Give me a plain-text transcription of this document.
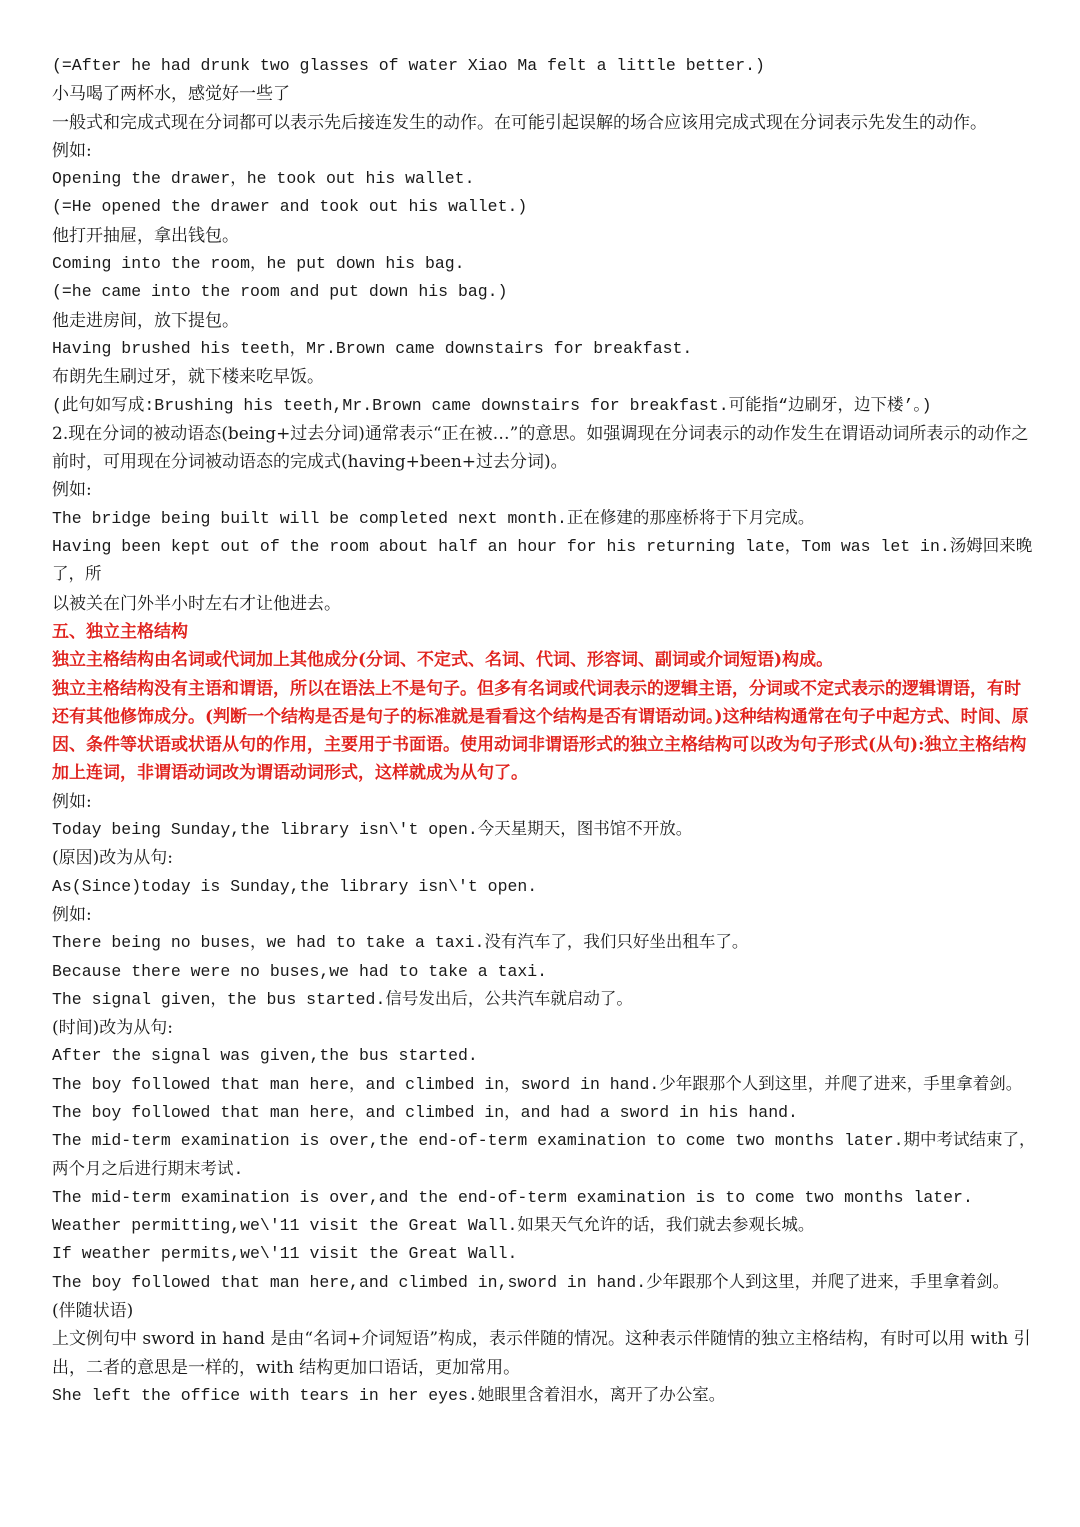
(=After he had drunk two glasses of water Xiao Ma felt a little better.)

小马喝了两杯水，感觉好一些了

一般式和完成式现在分词都可以表示先后接连发生的动作。在可能引起误解的场合应该用完成式现在分词表示先发生的动作。

例如:

Opening the drawer，he took out his wallet.

(=He opened the drawer and took out his wallet.)

他打开抽屉，拿出钱包。

Coming into the room，he put down his bag.

(=he came into the room and put down his bag.)

他走进房间，放下提包。

Having brushed his teeth，Mr.Brown came downstairs for breakfast.

布朗先生刷过牙，就下楼来吃早饭。

(此句如写成:Brushing his teeth,Mr.Brown came downstairs for breakfast.可能指“边刷牙，边下楼’。)

2.现在分词的被动语态(being+过去分词)通常表示“正在被…”的意思。如强调现在分词表示的动作发生在谓语动词所表示的动作之前时，可用现在分词被动语态的完成式(having+been+过去分词)。

例如:

The bridge being built will be completed next month.正在修建的那座桥将于下月完成。

Having been kept out of the room about half an hour for his returning late，Tom was let in.汤姆回来晚了，所

以被关在门外半小时左右才让他进去。

五、独立主格结构

独立主格结构由名词或代词加上其他成分(分词、不定式、名词、代词、形容词、副词或介词短语)构成。

独立主格结构没有主语和谓语，所以在语法上不是句子。但多有名词或代词表示的逻辑主语，分词或不定式表示的逻辑谓语，有时还有其他修饰成分。(判断一个结构是否是句子的标准就是看看这个结构是否有谓语动词。)这种结构通常在句子中起方式、时间、原因、条件等状语或状语从句的作用，主要用于书面语。使用动词非谓语形式的独立主格结构可以改为句子形式(从句):独立主格结构加上连词，非谓语动词改为谓语动词形式，这样就成为从句了。

例如:

Today being Sunday,the library isn\'t open.今天星期天，图书馆不开放。

(原因)改为从句:

As(Since)today is Sunday,the library isn\'t open.

例如:

There being no buses，we had to take a taxi.没有汽车了，我们只好坐出租车了。

Because there were no buses,we had to take a taxi.

The signal given，the bus started.信号发出后，公共汽车就启动了。

(时间)改为从句:

After the signal was given,the bus started.

The boy followed that man here，and climbed in，sword in hand.少年跟那个人到这里，并爬了进来，手里拿着剑。

The boy followed that man here，and climbed in，and had a sword in his hand.

The mid-term examination is over,the end-of-term examination to come two months later.期中考试结束了，两个月之后进行期末考试.

The mid-term examination is over,and the end-of-term examination is to come two months later.

Weather permitting,we\'11 visit the Great Wall.如果天气允许的话，我们就去参观长城。

If weather permits,we\'11 visit the Great Wall.

The boy followed that man here,and climbed in,sword in hand.少年跟那个人到这里，并爬了进来，手里拿着剑。

(伴随状语)

上文例句中 sword in hand 是由“名词+介词短语”构成，表示伴随的情况。这种表示伴随情的独立主格结构，有时可以用 with 引出，二者的意思是一样的，with 结构更加口语话，更加常用。

She left the office with tears in her eyes.她眼里含着泪水，离开了办公室。
